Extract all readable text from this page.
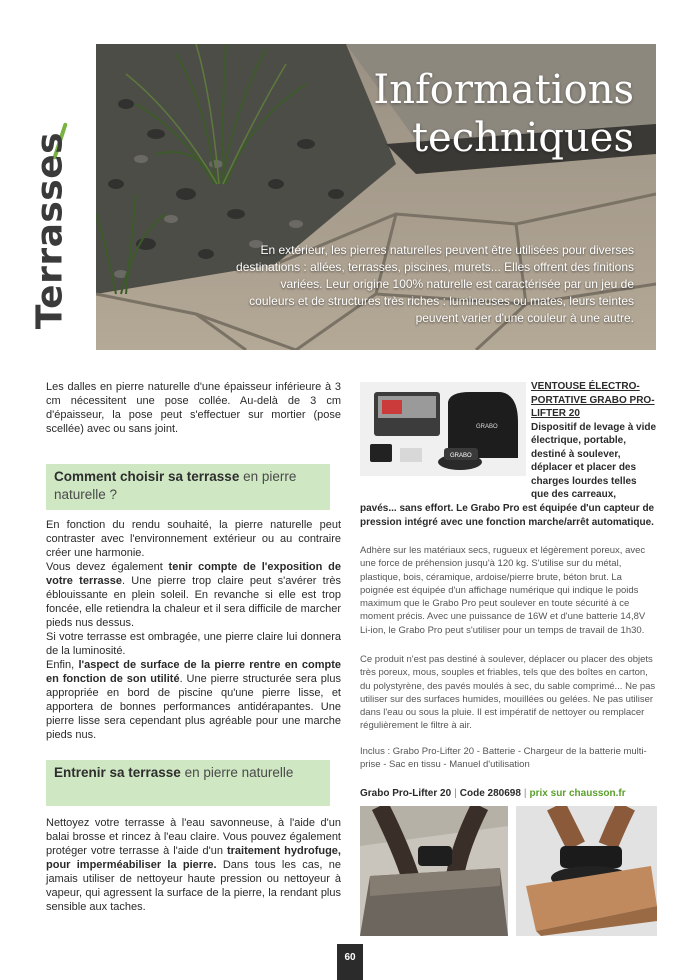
Terrasses
Informations
techniques
En extérieur, les pierres naturelles peuvent être utilisées pour diverses destinations : allées, terrasses, piscines, murets... Elles offrent des finitions variées. Leur origine 100% naturelle est caractérisée par un jeu de couleurs et de structures très riches : lumineuses ou mates, leurs teintes peuvent varier d'une couleur à une autre.
Les dalles en pierre naturelle d'une épaisseur inférieure à 3 cm nécessitent une pose collée. Au-delà de 3 cm d'épaisseur, la pose peut s'effectuer sur mortier (pose scellée) avec ou sans joint.
Comment choisir sa terrasse en pierre naturelle ?
En fonction du rendu souhaité, la pierre naturelle peut contraster avec l'environnement extérieur ou au contraire créer une harmonie.
Vous devez également tenir compte de l'exposition de votre terrasse. Une pierre trop claire peut s'avérer très éblouissante en plein soleil. En revanche si elle est trop foncée, elle retiendra la chaleur et il sera difficile de marcher pieds nus dessus.
Si votre terrasse est ombragée, une pierre claire lui donnera de la luminosité.
Enfin, l'aspect de surface de la pierre rentre en compte en fonction de son utilité. Une pierre structurée sera plus appropriée en bord de piscine qu'une pierre lisse, et apportera de bonnes performances antidérapantes. Une pierre lisse sera cependant plus agréable pour une marche pieds nus.
Entrenir sa terrasse en pierre naturelle
Nettoyez votre terrasse à l'eau savonneuse, à l'aide d'un balai brosse et rincez à l'eau claire. Vous pouvez également protéger votre terrasse à l'aide d'un traitement hydrofuge, pour imperméabiliser la pierre. Dans tous les cas, ne jamais utiliser de nettoyeur haute pression ou nettoyeur à vapeur, qui agressent la surface de la pierre, la rendant plus sensible aux taches.
GRABO
GRABO
VENTOUSE ÉLECTRO-PORTATIVE GRABO PRO-LIFTER 20
Dispositif de levage à vide électrique, portable, destiné à soulever, déplacer et placer des charges lourdes telles que des carreaux,
pavés... sans effort. Le Grabo Pro est équipée d'un capteur de pression intégré avec une fonction marche/arrêt automatique.
Adhère sur les matériaux secs, rugueux et légèrement poreux, avec une force de préhension jusqu'à 120 kg. S'utilise sur du métal, plastique, bois, céramique, ardoise/pierre brute, béton brut. La poignée est équipée d'un affichage numérique qui indique le poids maximum que le Grabo Pro peut soulever en toute sécurité à ce moment précis. Avec une puissance de 16W et d'une batterie 14,8V Li-ion, le Grabo Pro peut s'utiliser pour un temps de travail de 1h30.
Ce produit n'est pas destiné à soulever, déplacer ou placer des objets très poreux, mous, souples et friables, tels que des boîtes en carton, du polystyrène, des pavés moulés à sec, du sable comprimé... Ne pas utiliser sur des surfaces humides, mouillées ou gelées. Ne pas utiliser dans l'eau ou sous la pluie. Il est impératif de nettoyer ou remplacer régulièrement le filtre à air.
Inclus : Grabo Pro-Lifter 20 - Batterie - Chargeur de la batterie multi-prise - Sac en tissu - Manuel d'utilisation
Grabo Pro-Lifter 20 | Code 280698 | prix sur chausson.fr
60
